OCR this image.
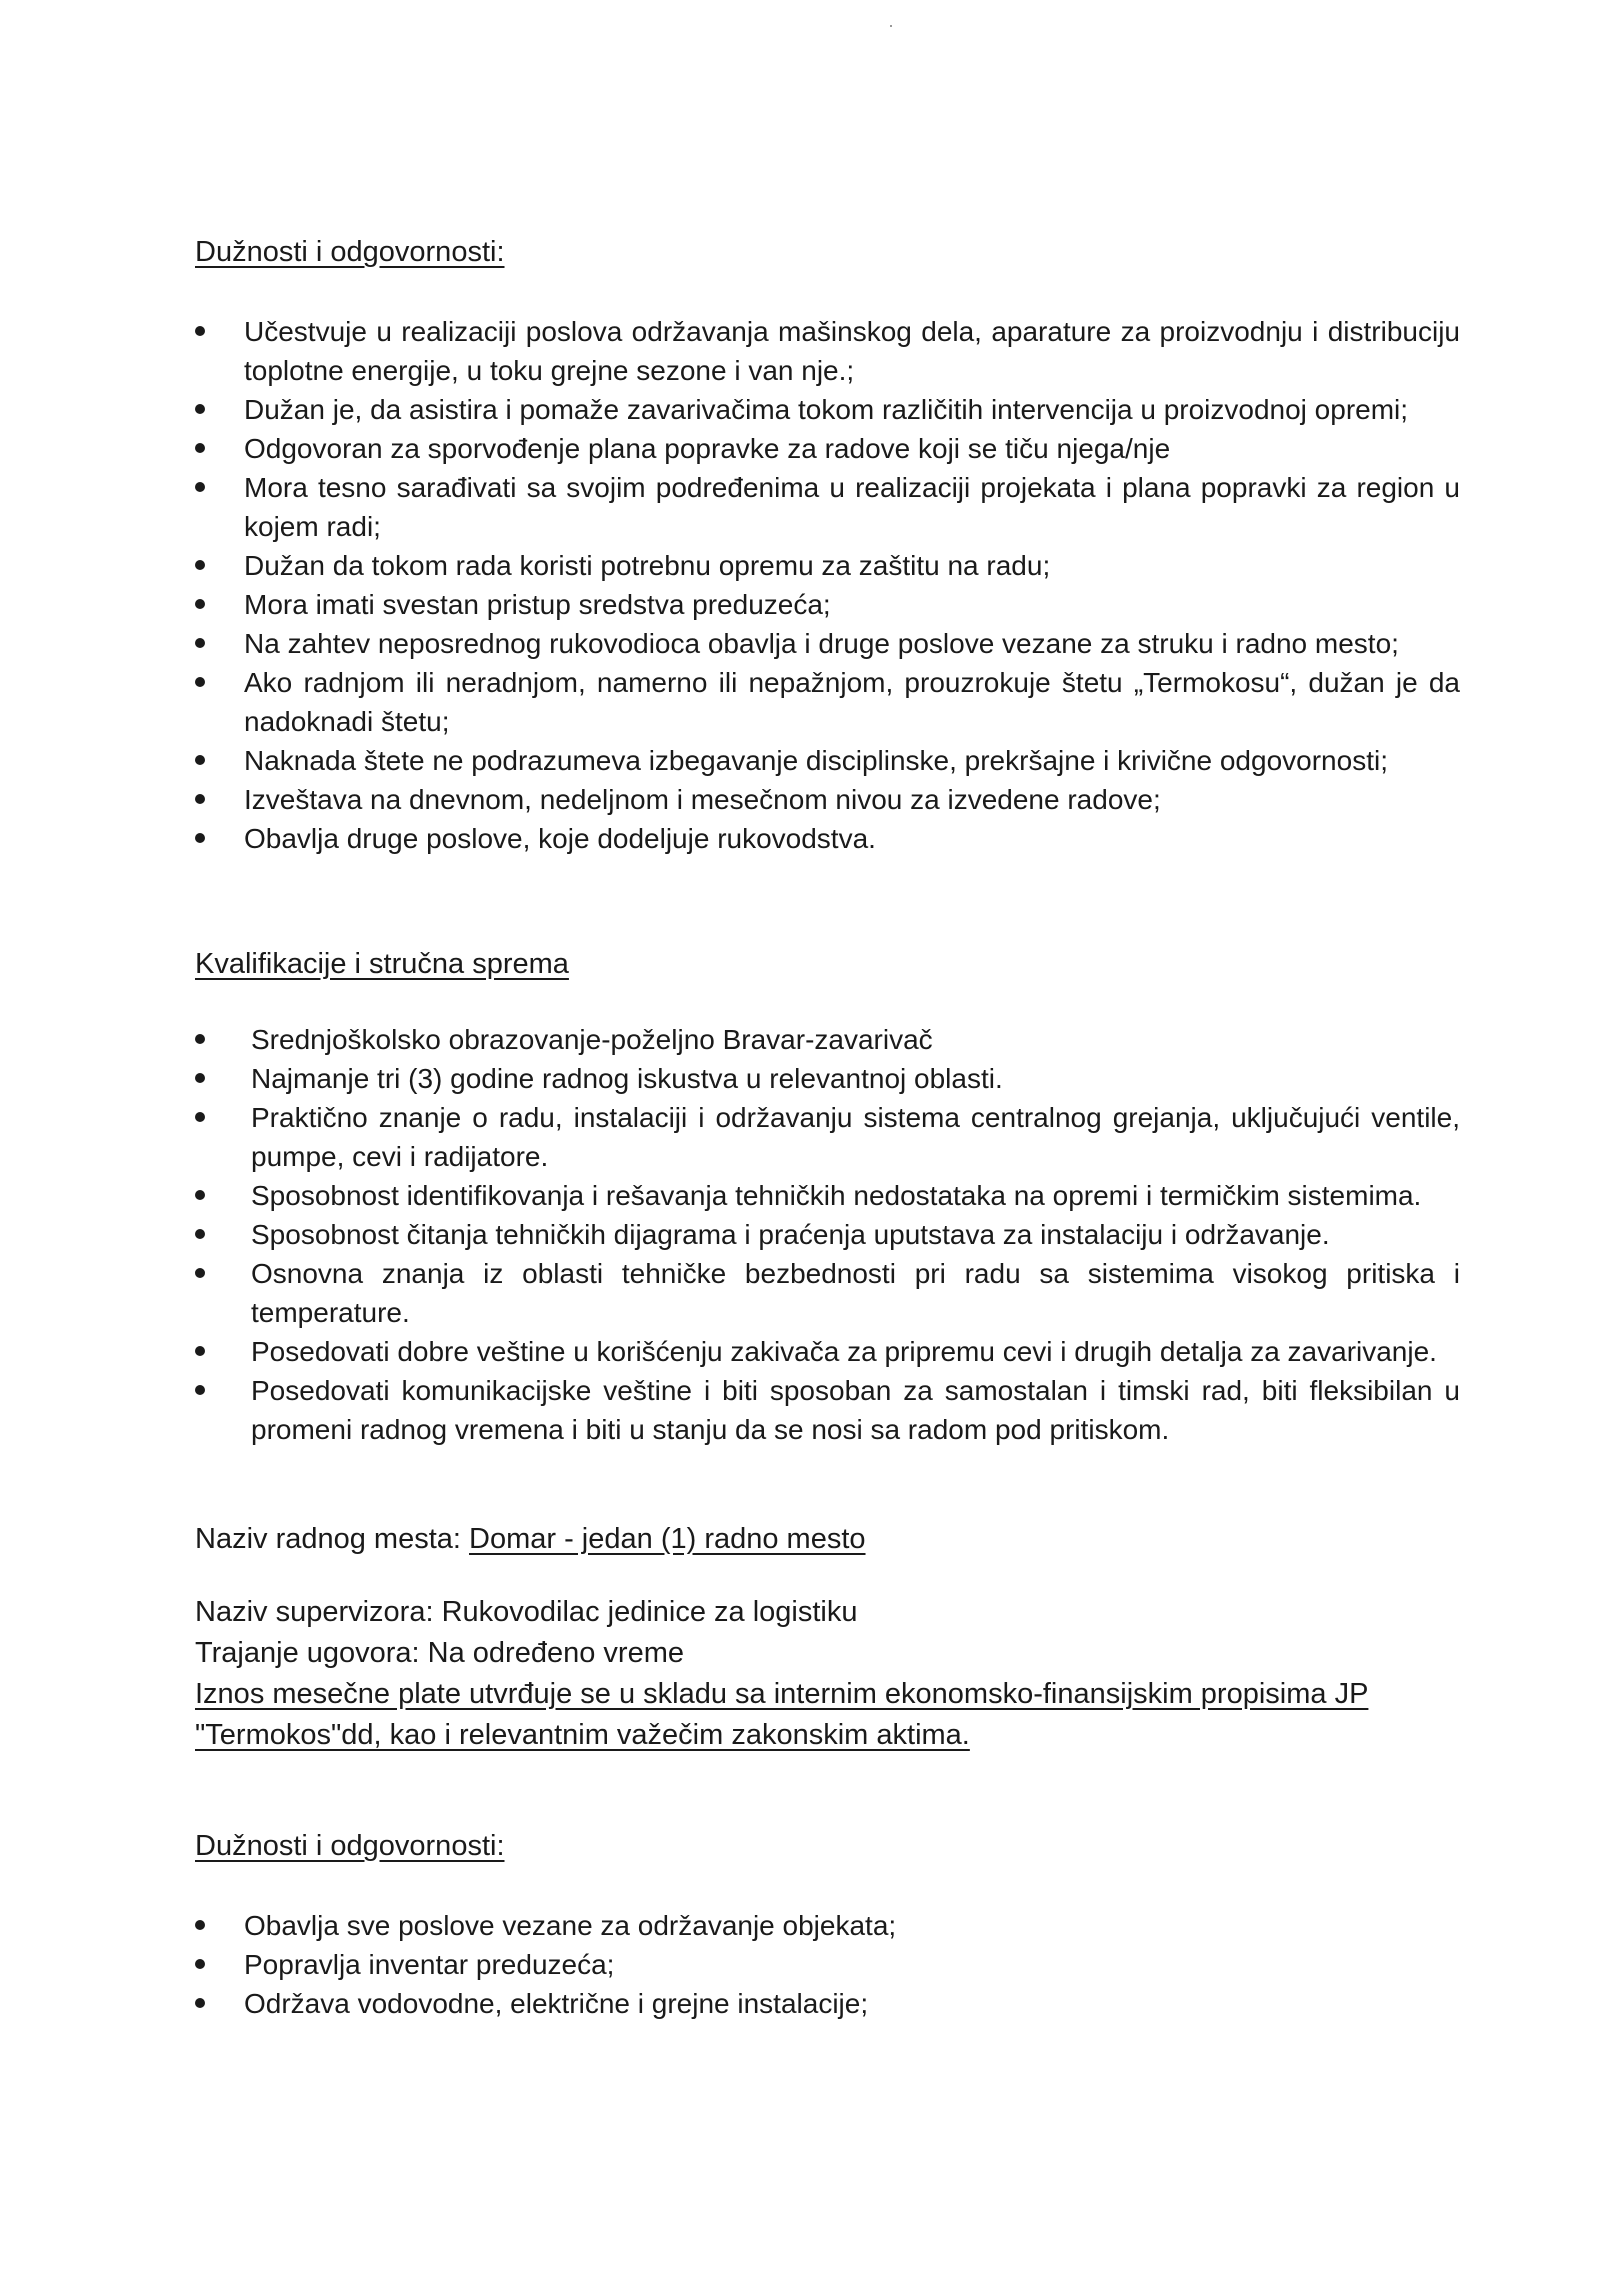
Dužnosti i odgovornosti:

Učestvuje u realizaciji poslova održavanja mašinskog dela, aparature za proizvodnju i distribuciju toplotne energije, u toku grejne sezone i van nje.;
Dužan je, da asistira i pomaže zavarivačima tokom različitih intervencija u proizvodnoj opremi;
Odgovoran za sporvođenje plana popravke za radove koji se tiču njega/nje
Mora tesno sarađivati sa svojim podređenima u realizaciji projekata i plana popravki za region u kojem radi;
Dužan da tokom rada koristi potrebnu opremu za zaštitu na radu;
Mora imati svestan pristup sredstva preduzeća;
Na zahtev neposrednog rukovodioca obavlja i druge poslove vezane za struku i radno mesto;
Ako radnjom ili neradnjom, namerno ili nepažnjom, prouzrokuje štetu „Termokosu“, dužan je da nadoknadi štetu;
Naknada štete ne podrazumeva izbegavanje disciplinske, prekršajne i krivične odgovornosti;
Izveštava na dnevnom, nedeljnom i mesečnom nivou za izvedene radove;
Obavlja druge poslove, koje dodeljuje rukovodstva.

Kvalifikacije i stručna sprema

Srednjoškolsko obrazovanje-poželjno Bravar-zavarivač
Najmanje tri (3) godine radnog iskustva u relevantnoj oblasti.
Praktično znanje o radu, instalaciji i održavanju sistema centralnog grejanja, uključujući ventile, pumpe, cevi i radijatore.
Sposobnost identifikovanja i rešavanja tehničkih nedostataka na opremi i termičkim sistemima.
Sposobnost čitanja tehničkih dijagrama i praćenja uputstava za instalaciju i održavanje.
Osnovna znanja iz oblasti tehničke bezbednosti pri radu sa sistemima visokog pritiska i temperature.
Posedovati dobre veštine u korišćenju zakivača za pripremu cevi i drugih detalja za zavarivanje.
Posedovati komunikacijske veštine i biti sposoban za samostalan i timski rad, biti fleksibilan u promeni radnog vremena i biti u stanju da se nosi sa radom pod pritiskom.

Naziv radnog mesta: Domar - jedan (1) radno mesto

Naziv supervizora: Rukovodilac jedinice za logistiku

Trajanje ugovora: Na određeno vreme

Iznos mesečne plate utvrđuje se u skladu sa internim ekonomsko-finansijskim propisima JP "Termokos"dd, kao i relevantnim važečim zakonskim aktima.

Dužnosti i odgovornosti:

Obavlja sve poslove vezane za održavanje objekata;
Popravlja inventar preduzeća;
Održava vodovodne, električne i grejne instalacije;
